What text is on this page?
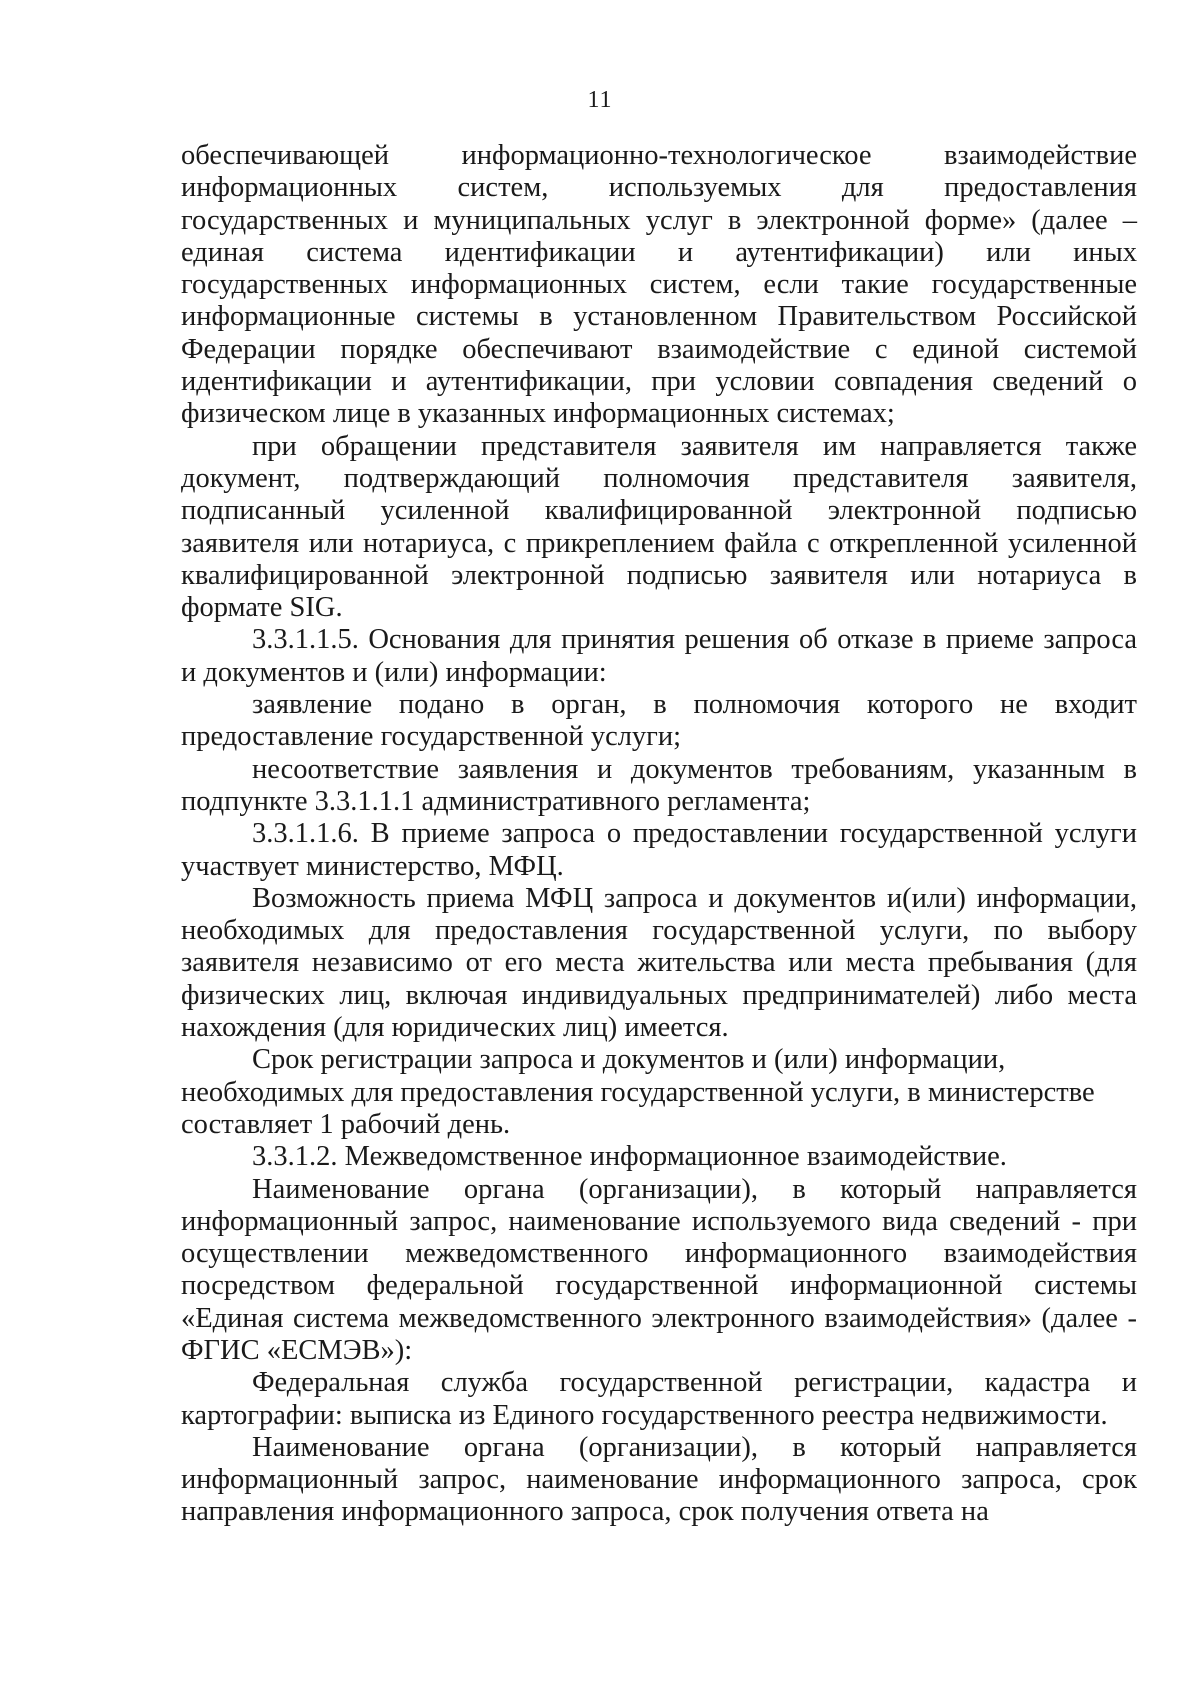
11

обеспечивающей информационно-технологическое взаимодействие информационных систем, используемых для предоставления государственных и муниципальных услуг в электронной форме» (далее – единая система идентификации и аутентификации) или иных государственных информационных систем, если такие государственные информационные системы в установленном Правительством Российской Федерации порядке обеспечивают взаимодействие с единой системой идентификации и аутентификации, при условии совпадения сведений о физическом лице в указанных информационных системах;

при обращении представителя заявителя им направляется также документ, подтверждающий полномочия представителя заявителя, подписанный усиленной квалифицированной электронной подписью заявителя или нотариуса, с прикреплением файла с открепленной усиленной квалифицированной электронной подписью заявителя или нотариуса в формате SIG.

3.3.1.1.5. Основания для принятия решения об отказе в приеме запроса и документов и (или) информации:

заявление подано в орган, в полномочия которого не входит предоставление государственной услуги;

несоответствие заявления и документов требованиям, указанным в подпункте 3.3.1.1.1 административного регламента;

3.3.1.1.6. В приеме запроса о предоставлении государственной услуги участвует министерство, МФЦ.

Возможность приема МФЦ запроса и документов и(или) информации, необходимых для предоставления государственной услуги, по выбору заявителя независимо от его места жительства или места пребывания (для физических лиц, включая индивидуальных предпринимателей) либо места нахождения (для юридических лиц) имеется.

Срок регистрации запроса и документов и (или) информации, необходимых для предоставления государственной услуги, в министерстве составляет 1 рабочий день.

3.3.1.2. Межведомственное информационное взаимодействие.

Наименование органа (организации), в который направляется информационный запрос, наименование используемого вида сведений - при осуществлении межведомственного информационного взаимодействия посредством федеральной государственной информационной системы «Единая система межведомственного электронного взаимодействия» (далее - ФГИС «ЕСМЭВ»):

Федеральная служба государственной регистрации, кадастра и картографии: выписка из Единого государственного реестра недвижимости.

Наименование органа (организации), в который направляется информационный запрос, наименование информационного запроса, срок направления информационного запроса, срок получения ответа на
